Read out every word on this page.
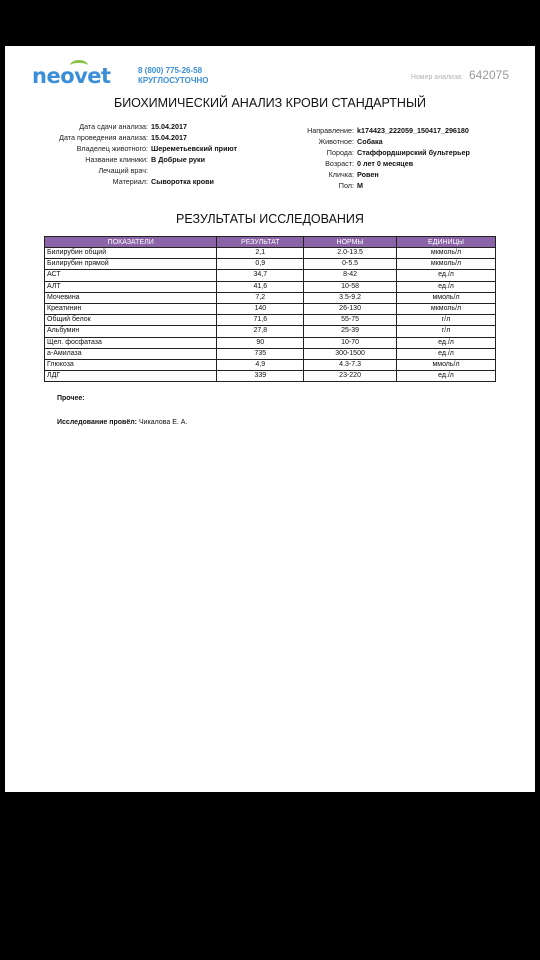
neovet	8 (800) 775-26-58
КРУГЛОСУТОЧНО	Номер анализа: 642075
БИОХИМИЧЕСКИЙ АНАЛИЗ КРОВИ СТАНДАРТНЫЙ
Дата сдачи анализа: 15.04.2017
Дата проведения анализа: 15.04.2017
Владелец животного: Шереметьевский приют
Название клиники: В Добрые руки
Лечащий врач:
Материал: Сыворотка крови
Направление: k174423_222059_150417_296180
Животное: Собака
Порода: Стаффордширский бультерьер
Возраст: 0 лет 0 месяцев
Кличка: Ровен
Пол: М
РЕЗУЛЬТАТЫ ИССЛЕДОВАНИЯ
ПОКАЗАТЕЛИ	РЕЗУЛЬТАТ	НОРМЫ	ЕДИНИЦЫ
Билирубин общий	2,1	2.0-13.5	мкмоль/л
Билирубин прямой	0,9	0-5.5	мкмоль/л
АСТ	34,7	8-42	ед./л
АЛТ	41,6	10-58	ед./л
Мочевина	7,2	3.5-9.2	ммоль/л
Креатинин	140	26-130	мкмоль/л
Общий белок	71,6	55-75	г/л
Альбумин	27,8	25-39	г/л
Щел. фосфатаза	90	10-70	ед./л
а-Амилаза	735	300-1500	ед./л
Глюкоза	4,9	4.3-7.3	ммоль/л
ЛДГ	339	23-220	ед./л
Прочее:
Исследование провёл: Чикалова Е. А.
